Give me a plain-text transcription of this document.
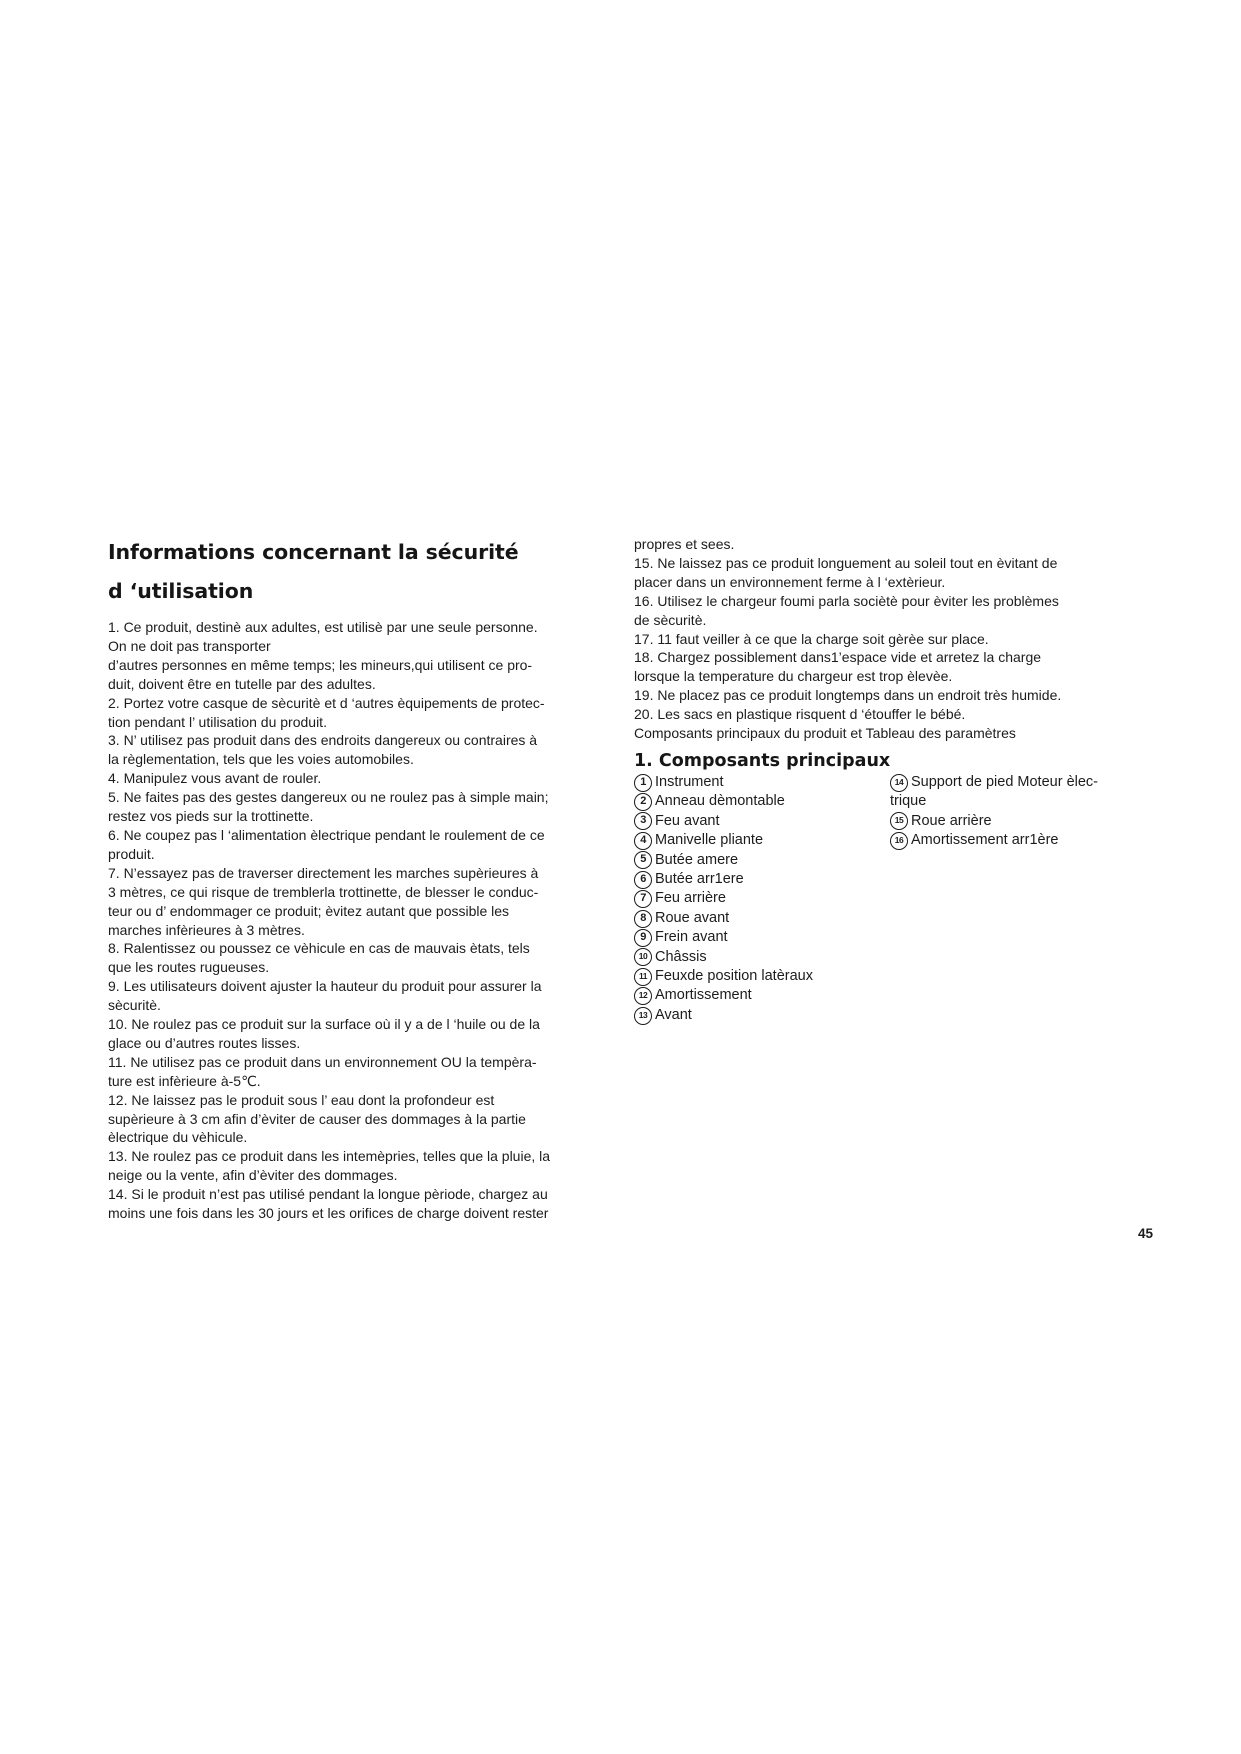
Informations concernant la sécurité
d ‘utilisation

1. Ce produit, destinè aux adultes, est utilisè par une seule personne.

On ne doit pas transporter

d’autres personnes en même temps; les mineurs,qui utilisent ce pro-

duit, doivent être en tutelle par des adultes.

2. Portez votre casque de sècuritè et d ‘autres èquipements de protec-

tion pendant l’ utilisation du produit.

3. N’ utilisez pas produit dans des endroits dangereux ou contraires à

la règlementation, tels que les voies automobiles.

4. Manipulez vous avant de rouler.

5. Ne faites pas des gestes dangereux ou ne roulez pas à simple main;

restez vos pieds sur la trottinette.

6. Ne coupez pas l ‘alimentation èlectrique pendant le roulement de ce

produit.

7. N’essayez pas de traverser directement les marches supèrieures à

3 mètres, ce qui risque de tremblerla trottinette, de blesser le conduc-

teur ou d’ endommager ce produit; èvitez autant que possible les

marches infèrieures à 3 mètres.

8. Ralentissez ou poussez ce vèhicule en cas de mauvais ètats, tels

que les routes rugueuses.

9. Les utilisateurs doivent ajuster la hauteur du produit pour assurer la

sècuritè.

10. Ne roulez pas ce produit sur la surface où il y a de l ‘huile ou de la

glace ou d’autres routes lisses.

11. Ne utilisez pas ce produit dans un environnement OU la tempèra-

ture est infèrieure à-5℃.

12. Ne laissez pas le produit sous l’ eau dont la profondeur est

supèrieure à 3 cm afin d’èviter de causer des dommages à la partie

èlectrique du vèhicule.

13. Ne roulez pas ce produit dans les intemèpries, telles que la pluie, la

neige ou la vente, afin d’èviter des dommages.

14. Si le produit n’est pas utilisé pendant la longue pèriode, chargez au

moins une fois dans les 30 jours et les orifices de charge doivent rester

propres et sees.

15. Ne laissez pas ce produit longuement au soleil tout en èvitant de

placer dans un environnement ferme à l ‘extèrieur.

16. Utilisez le chargeur foumi parla sociètè pour èviter les problèmes

de sècuritè.

17. 11 faut veiller à ce que la charge soit gèrèe sur place.

18. Chargez possiblement dans1’espace vide et arretez la charge

lorsque la temperature du chargeur est trop èlevèe.

19. Ne placez pas ce produit longtemps dans un endroit très humide.

20. Les sacs en plastique risquent d ‘étouffer le bébé.

Composants principaux du produit et Tableau des paramètres

1. Composants principaux
1 Instrument
2 Anneau dèmontable
3 Feu avant
4 Manivelle pliante
5 Butée amere
6 Butée arr1ere
7 Feu arrière
8 Roue avant
9 Frein avant
10 Châssis
11 Feuxde position latèraux
12 Amortissement
13 Avant
14 Support de pied Moteur èlec-
trique
15 Roue arrière
16 Amortissement arr1ère
45
